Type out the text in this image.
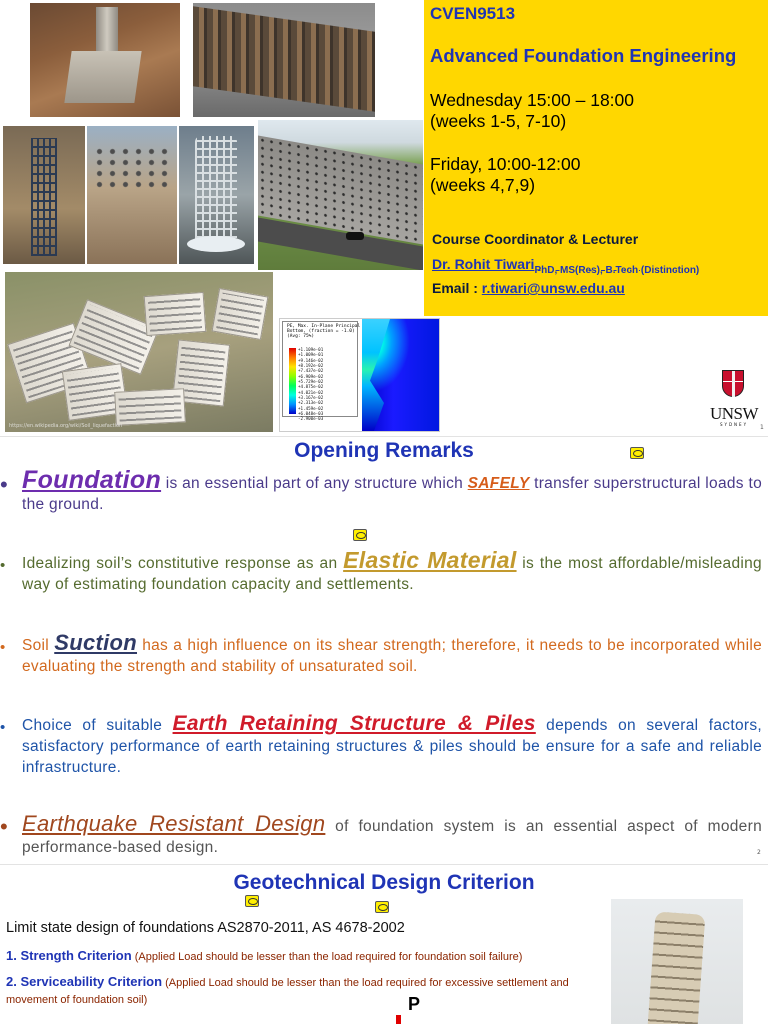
https://en.wikipedia.org/wiki/Soil_liquefaction
PE, Max. In-Plane Principal
Bottom, (fraction = -1.0)
(Avg: 75%)
+1.109e-01
+1.009e-01
+9.146e-02
+8.192e-02
+7.437e-02
+6.909e-02
+5.729e-02
+4.875e-02
+4.021e-02
+3.167e-02
+2.313e-02
+1.459e-02
+6.048e-03
-2.900e-03
CVEN9513
Advanced Foundation Engineering
Wednesday 15:00 – 18:00
(weeks 1-5, 7-10)
Friday, 10:00-12:00
(weeks 4,7,9)
Course Coordinator & Lecturer
Dr. Rohit Tiwari$_{PhD, MS(Res), B.Tech (Distinction)}$
Email : r.tiwari@unsw.edu.au
UNSW
SYDNEY	1
Opening Remarks
• Foundation is an essential part of any structure which SAFELY transfer superstructural loads to the ground.
•	Idealizing soil’s constitutive response as an Elastic Material is the most affordable/misleading way of estimating foundation capacity and settlements.
•	Soil Suction has a high influence on its shear strength; therefore, it needs to be incorporated while evaluating the strength and stability of unsaturated soil.
•	Choice of suitable Earth Retaining Structure & Piles depends on several factors, satisfactory performance of earth retaining structures & piles should be ensure for a safe and reliable infrastructure.
• Earthquake Resistant Design of foundation system is an essential aspect of modern performance-based design.	2
Geotechnical Design Criterion
Limit state design of foundations AS2870-2011, AS 4678-2002
1. Strength Criterion (Applied Load should be lesser than the load required for foundation soil failure)
2. Serviceability Criterion (Applied Load should be lesser than the load required for excessive settlement and movement of foundation soil)	P
